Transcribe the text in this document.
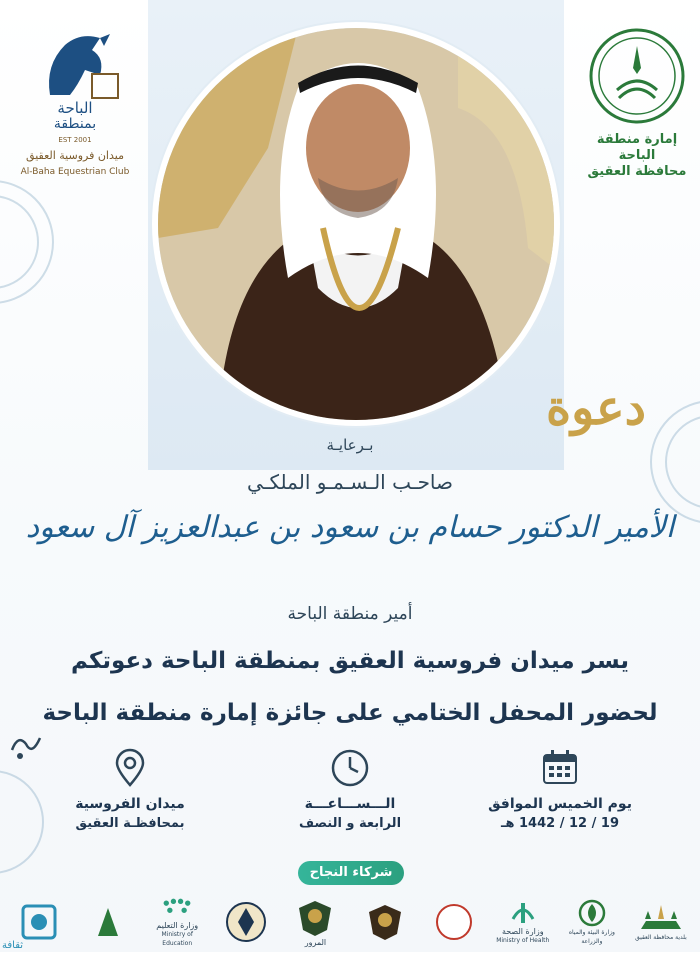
الباحة
بمنطقة
EST 2001
ميدان فروسية العقيق
Al-Baha Equestrian Club
إمارة منطقة الباحة
محافظة العقيق
دعوة
بـرعايـة
صاحـب الـسـمـو الملكـي
الأمير الدكتور حسام بن سعود بن عبدالعزيز آل سعود
أمير منطقة الباحة
يسر ميدان فروسية العقيق بمنطقة الباحة دعوتكم
لحضور المحفل الختامي على جائزة إمارة منطقة الباحة
يوم الخميس الموافق
19 / 12 / 1442 هـ
الـــســـاعـــة
الرابعة و النصف
ميدان الفروسية
بمحافظـة العقيق
شركاء النجاح
وزارة التعليم
Ministry of Education	المرور
وزارة الصحة
Ministry of Health
وزارة البيئة والمياه والزراعة
بلدية محافظة العقيق
ثقافة
